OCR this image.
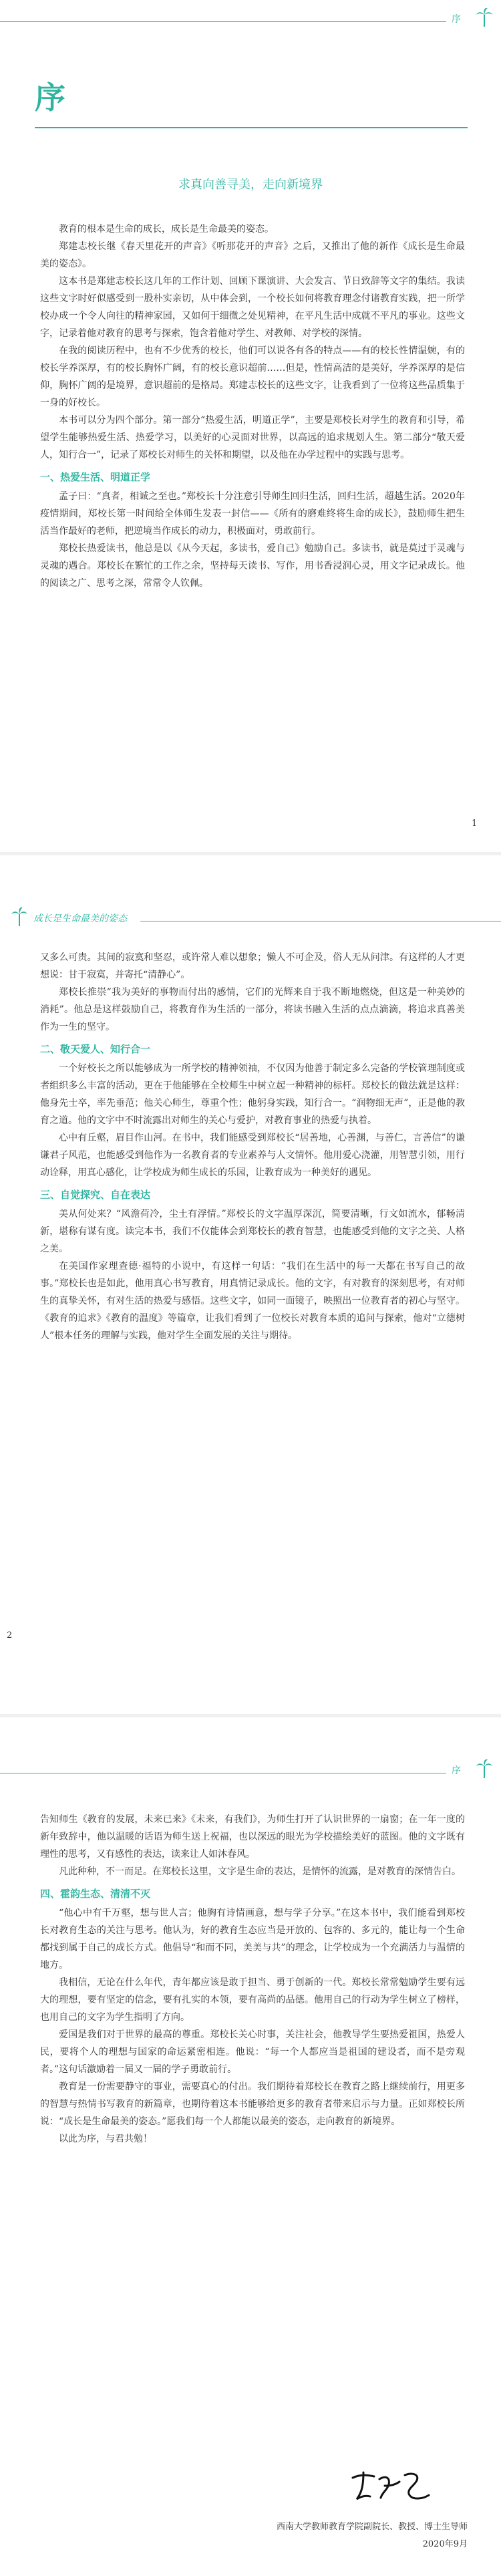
序
序
求真向善寻美，走向新境界

教育的根本是生命的成长，成长是生命最美的姿态。

郑建志校长继《春天里花开的声音》《听那花开的声音》之后，又推出了他的新作《成长是生命最美的姿态》。

这本书是郑建志校长这几年的工作计划、回顾下课演讲、大会发言、节日致辞等文字的集结。我读这些文字时好似感受到一股朴实亲切，从中体会到，一个校长如何将教育理念付诸教育实践，把一所学校办成一个令人向往的精神家园，又如何于细微之处见精神，在平凡生活中成就不平凡的事业。这些文字，记录着他对教育的思考与探索，饱含着他对学生、对教师、对学校的深情。

在我的阅读历程中，也有不少优秀的校长，他们可以说各有各的特点——有的校长性情温婉，有的校长学养深厚，有的校长胸怀广阔，有的校长意识超前……但是，性情高洁的是美好，学养深厚的是信仰，胸怀广阔的是境界，意识超前的是格局。郑建志校长的这些文字，让我看到了一位将这些品质集于一身的好校长。

本书可以分为四个部分。第一部分“热爱生活，明道正学”，主要是郑校长对学生的教育和引导，希望学生能够热爱生活、热爱学习，以美好的心灵面对世界，以高远的追求规划人生。第二部分“敬天爱人，知行合一”，记录了郑校长对师生的关怀和期望，以及他在办学过程中的实践与思考。

一、热爱生活、明道正学

孟子曰：“真者，相诚之至也。”郑校长十分注意引导师生回归生活，回归生活，超越生活。2020年疫情期间，郑校长第一时间给全体师生发表一封信——《所有的磨难终将生命的成长》，鼓励师生把生活当作最好的老师，把逆境当作成长的动力，积极面对，勇敢前行。

郑校长热爱读书，他总是以《从今天起，多读书，爱自己》勉励自己。多读书，就是莫过于灵魂与灵魂的遇合。郑校长在繁忙的工作之余，坚持每天读书、写作，用书香浸润心灵，用文字记录成长。他的阅读之广、思考之深，常常令人钦佩。

1
成长是生命最美的姿态

又多么可贵。其间的寂寞和坚忍，或许常人难以想象；懒人不可企及，俗人无从问津。有这样的人才更想说：甘于寂寞，并寄托“清静心”。

郑校长推崇“我为美好的事物而付出的感情，它们的光辉来自于我不断地燃烧，但这是一种美妙的消耗”。他总是这样鼓励自己，将教育作为生活的一部分，将读书融入生活的点点滴滴，将追求真善美作为一生的坚守。

二、敬天爱人、知行合一

一个好校长之所以能够成为一所学校的精神领袖，不仅因为他善于制定多么完备的学校管理制度或者组织多么丰富的活动，更在于他能够在全校师生中树立起一种精神的标杆。郑校长的做法就是这样：他身先士卒，率先垂范；他关心师生，尊重个性；他躬身实践，知行合一。“润物细无声”，正是他的教育之道。他的文字中不时流露出对师生的关心与爱护，对教育事业的热爱与执着。

心中有丘壑，眉目作山河。在书中，我们能感受到郑校长“居善地，心善渊，与善仁，言善信”的谦谦君子风范，也能感受到他作为一名教育者的专业素养与人文情怀。他用爱心浇灌，用智慧引领，用行动诠释，用真心感化，让学校成为师生成长的乐园，让教育成为一种美好的遇见。

三、自觉探究、自在表达

美从何处来？“风澹荷冷，尘土有浮情。”郑校长的文字温厚深沉，简要清晰，行文如流水，郁畅清新，堪称有谋有度。读完本书，我们不仅能体会到郑校长的教育智慧，也能感受到他的文字之美、人格之美。

在美国作家理查德·福特的小说中，有这样一句话：“我们在生活中的每一天都在书写自己的故事。”郑校长也是如此，他用真心书写教育，用真情记录成长。他的文字，有对教育的深刻思考，有对师生的真挚关怀，有对生活的热爱与感悟。这些文字，如同一面镜子，映照出一位教育者的初心与坚守。《教育的追求》《教育的温度》等篇章，让我们看到了一位校长对教育本质的追问与探索，他对“立德树人”根本任务的理解与实践，他对学生全面发展的关注与期待。

2
序

告知师生《教育的发展，未来已来》《未来，有我们》，为师生打开了认识世界的一扇窗；在一年一度的新年致辞中，他以温暖的话语为师生送上祝福，也以深远的眼光为学校描绘美好的蓝图。他的文字既有理性的思考，又有感性的表达，读来让人如沐春风。

凡此种种，不一而足。在郑校长这里，文字是生命的表达，是情怀的流露，是对教育的深情告白。

四、霍韵生态、清清不灭

“他心中有千万壑，想与世人言；他胸有诗情画意，想与学子分享。”在这本书中，我们能看到郑校长对教育生态的关注与思考。他认为，好的教育生态应当是开放的、包容的、多元的，能让每一个生命都找到属于自己的成长方式。他倡导“和而不同，美美与共”的理念，让学校成为一个充满活力与温情的地方。

我相信，无论在什么年代，青年都应该是敢于担当、勇于创新的一代。郑校长常常勉励学生要有远大的理想，要有坚定的信念，要有扎实的本领，要有高尚的品德。他用自己的行动为学生树立了榜样，也用自己的文字为学生指明了方向。

爱国是我们对于世界的最高的尊重。郑校长关心时事，关注社会，他教导学生要热爱祖国，热爱人民，要将个人的理想与国家的命运紧密相连。他说：“每一个人都应当是祖国的建设者，而不是旁观者。”这句话激励着一届又一届的学子勇敢前行。

教育是一份需要静守的事业，需要真心的付出。我们期待着郑校长在教育之路上继续前行，用更多的智慧与热情书写教育的新篇章，也期待着这本书能够给更多的教育者带来启示与力量。正如郑校长所说：“成长是生命最美的姿态。”愿我们每一个人都能以最美的姿态，走向教育的新境界。

以此为序，与君共勉！

西南大学教师教育学院副院长、教授、博士生导师
2020年9月
